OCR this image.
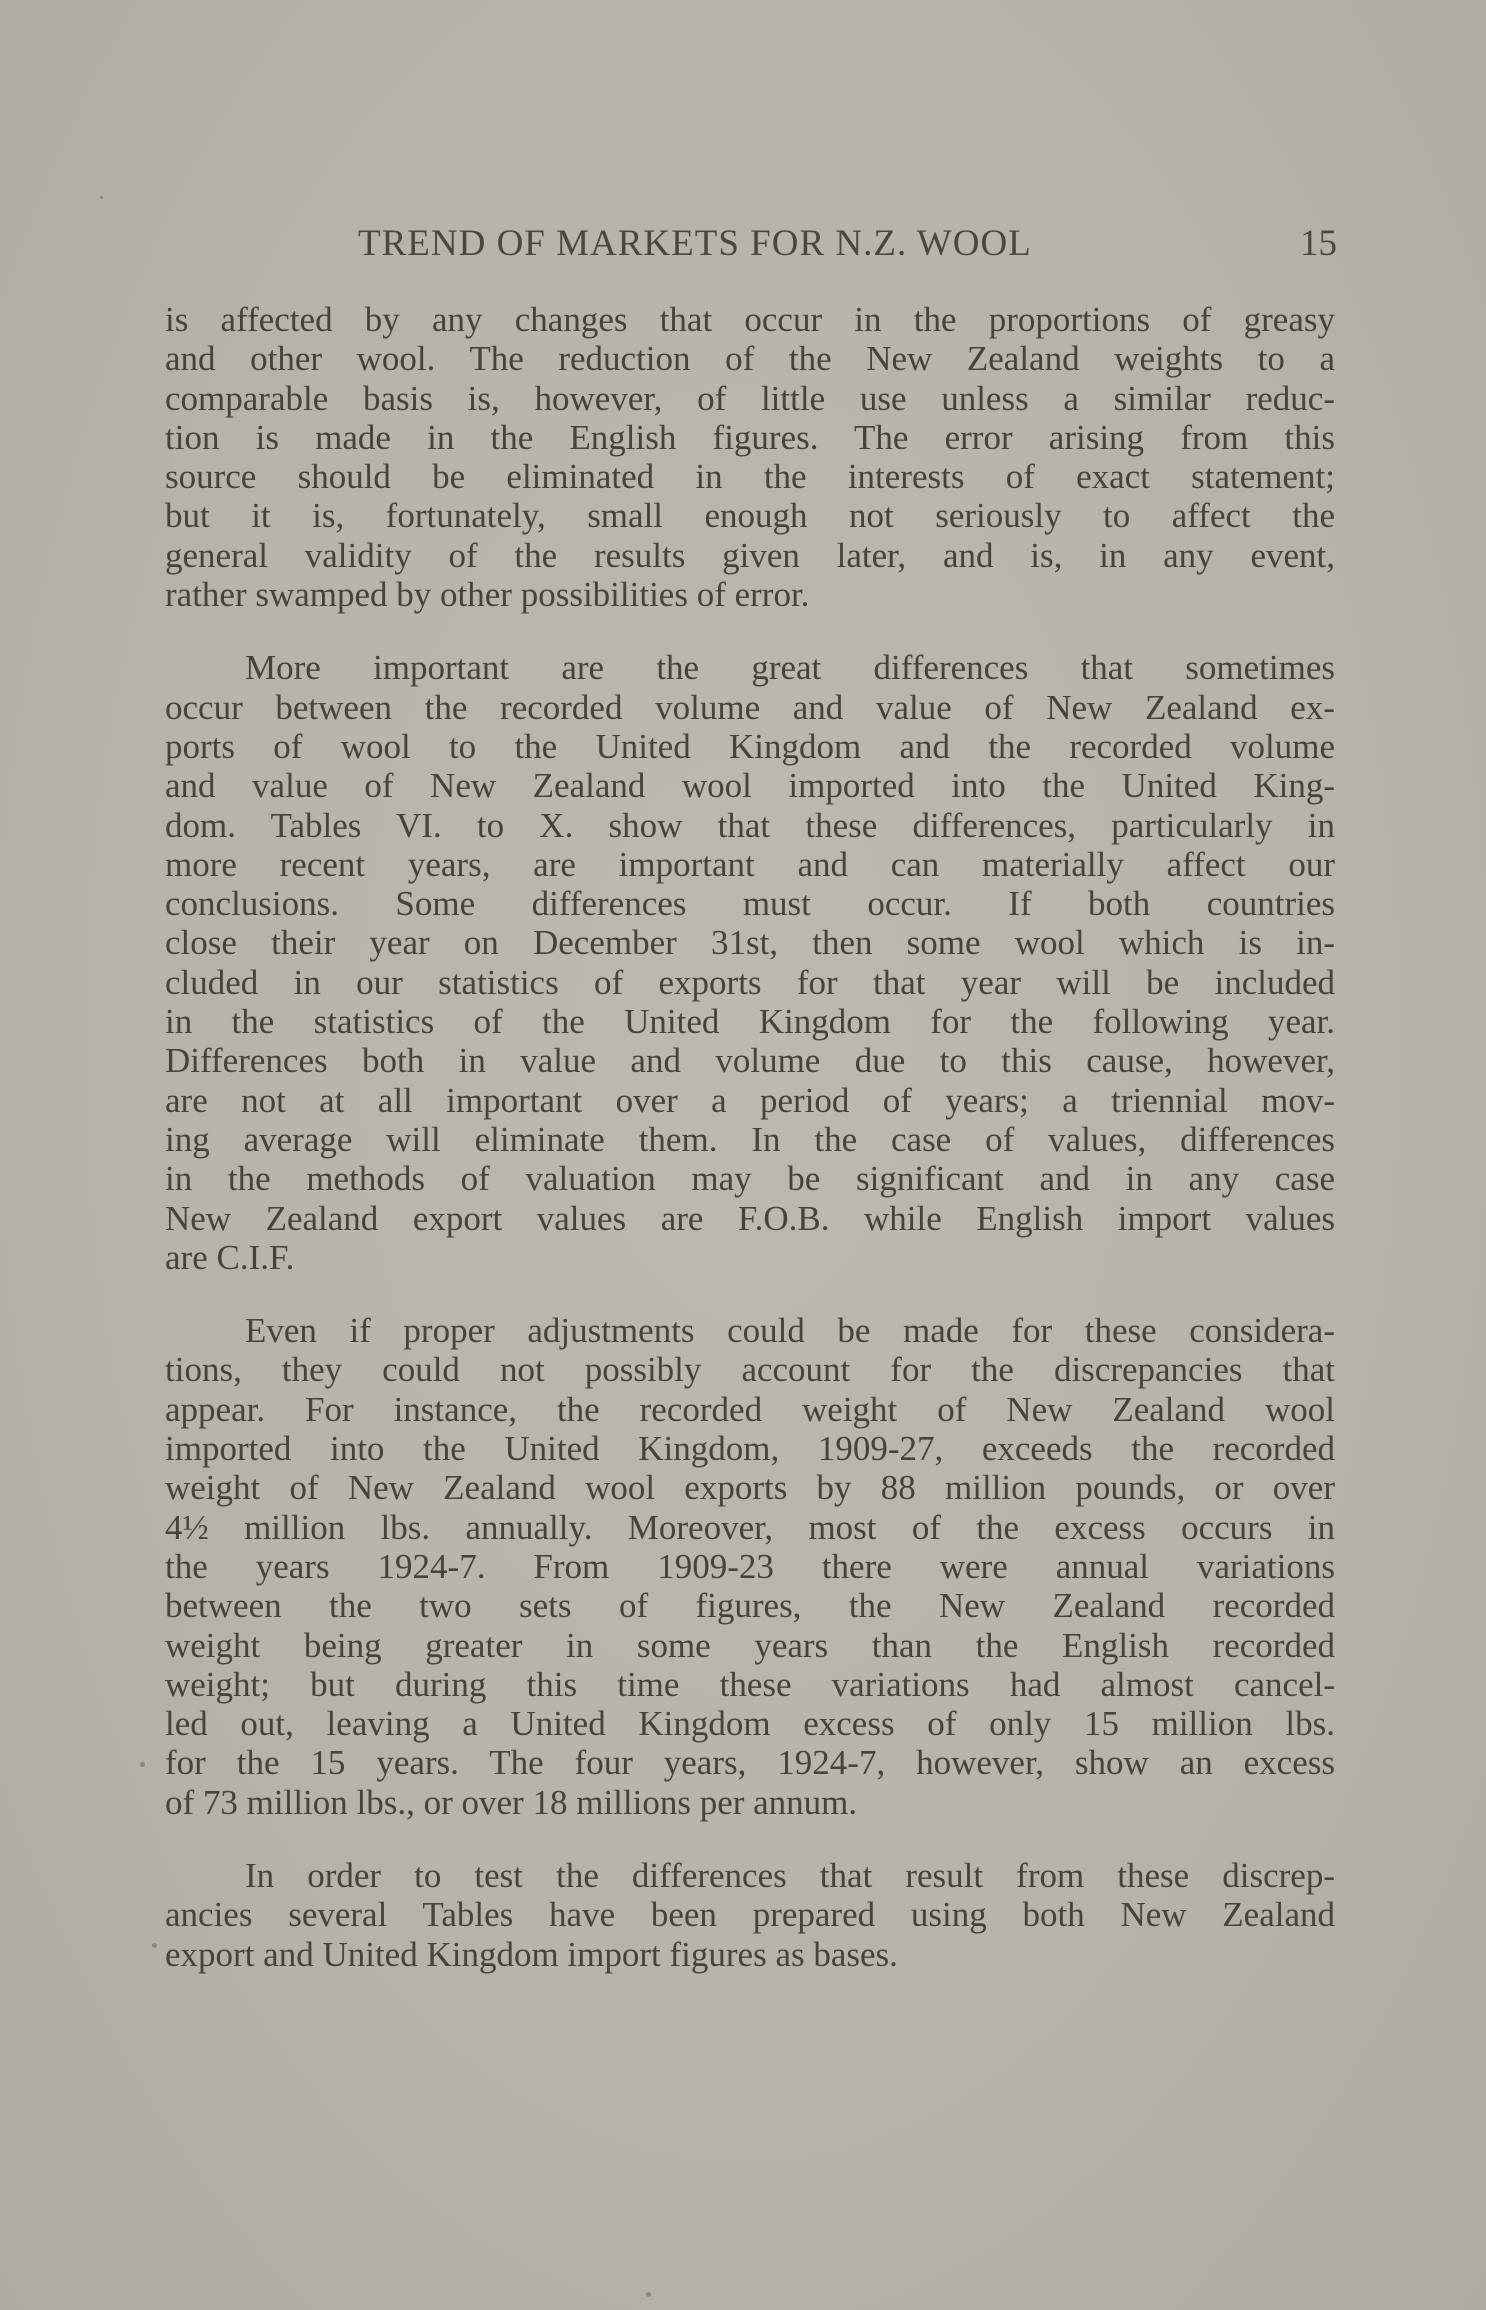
TREND OF MARKETS FOR N.Z. WOOL	15
is affected by any changes that occur in the proportions of greasy
and other wool. The reduction of the New Zealand weights to a
comparable basis is, however, of little use unless a similar reduc-
tion is made in the English figures. The error arising from this
source should be eliminated in the interests of exact statement;
but it is, fortunately, small enough not seriously to affect the
general validity of the results given later, and is, in any event,
rather swamped by other possibilities of error.
More important are the great differences that sometimes
occur between the recorded volume and value of New Zealand ex-
ports of wool to the United Kingdom and the recorded volume
and value of New Zealand wool imported into the United King-
dom. Tables VI. to X. show that these differences, particularly in
more recent years, are important and can materially affect our
conclusions. Some differences must occur. If both countries
close their year on December 31st, then some wool which is in-
cluded in our statistics of exports for that year will be included
in the statistics of the United Kingdom for the following year.
Differences both in value and volume due to this cause, however,
are not at all important over a period of years; a triennial mov-
ing average will eliminate them. In the case of values, differences
in the methods of valuation may be significant and in any case
New Zealand export values are F.O.B. while English import values
are C.I.F.
Even if proper adjustments could be made for these considera-
tions, they could not possibly account for the discrepancies that
appear. For instance, the recorded weight of New Zealand wool
imported into the United Kingdom, 1909-27, exceeds the recorded
weight of New Zealand wool exports by 88 million pounds, or over
4½ million lbs. annually. Moreover, most of the excess occurs in
the years 1924-7. From 1909-23 there were annual variations
between the two sets of figures, the New Zealand recorded
weight being greater in some years than the English recorded
weight; but during this time these variations had almost cancel-
led out, leaving a United Kingdom excess of only 15 million lbs.
for the 15 years. The four years, 1924-7, however, show an excess
of 73 million lbs., or over 18 millions per annum.
In order to test the differences that result from these discrep-
ancies several Tables have been prepared using both New Zealand
export and United Kingdom import figures as bases.
